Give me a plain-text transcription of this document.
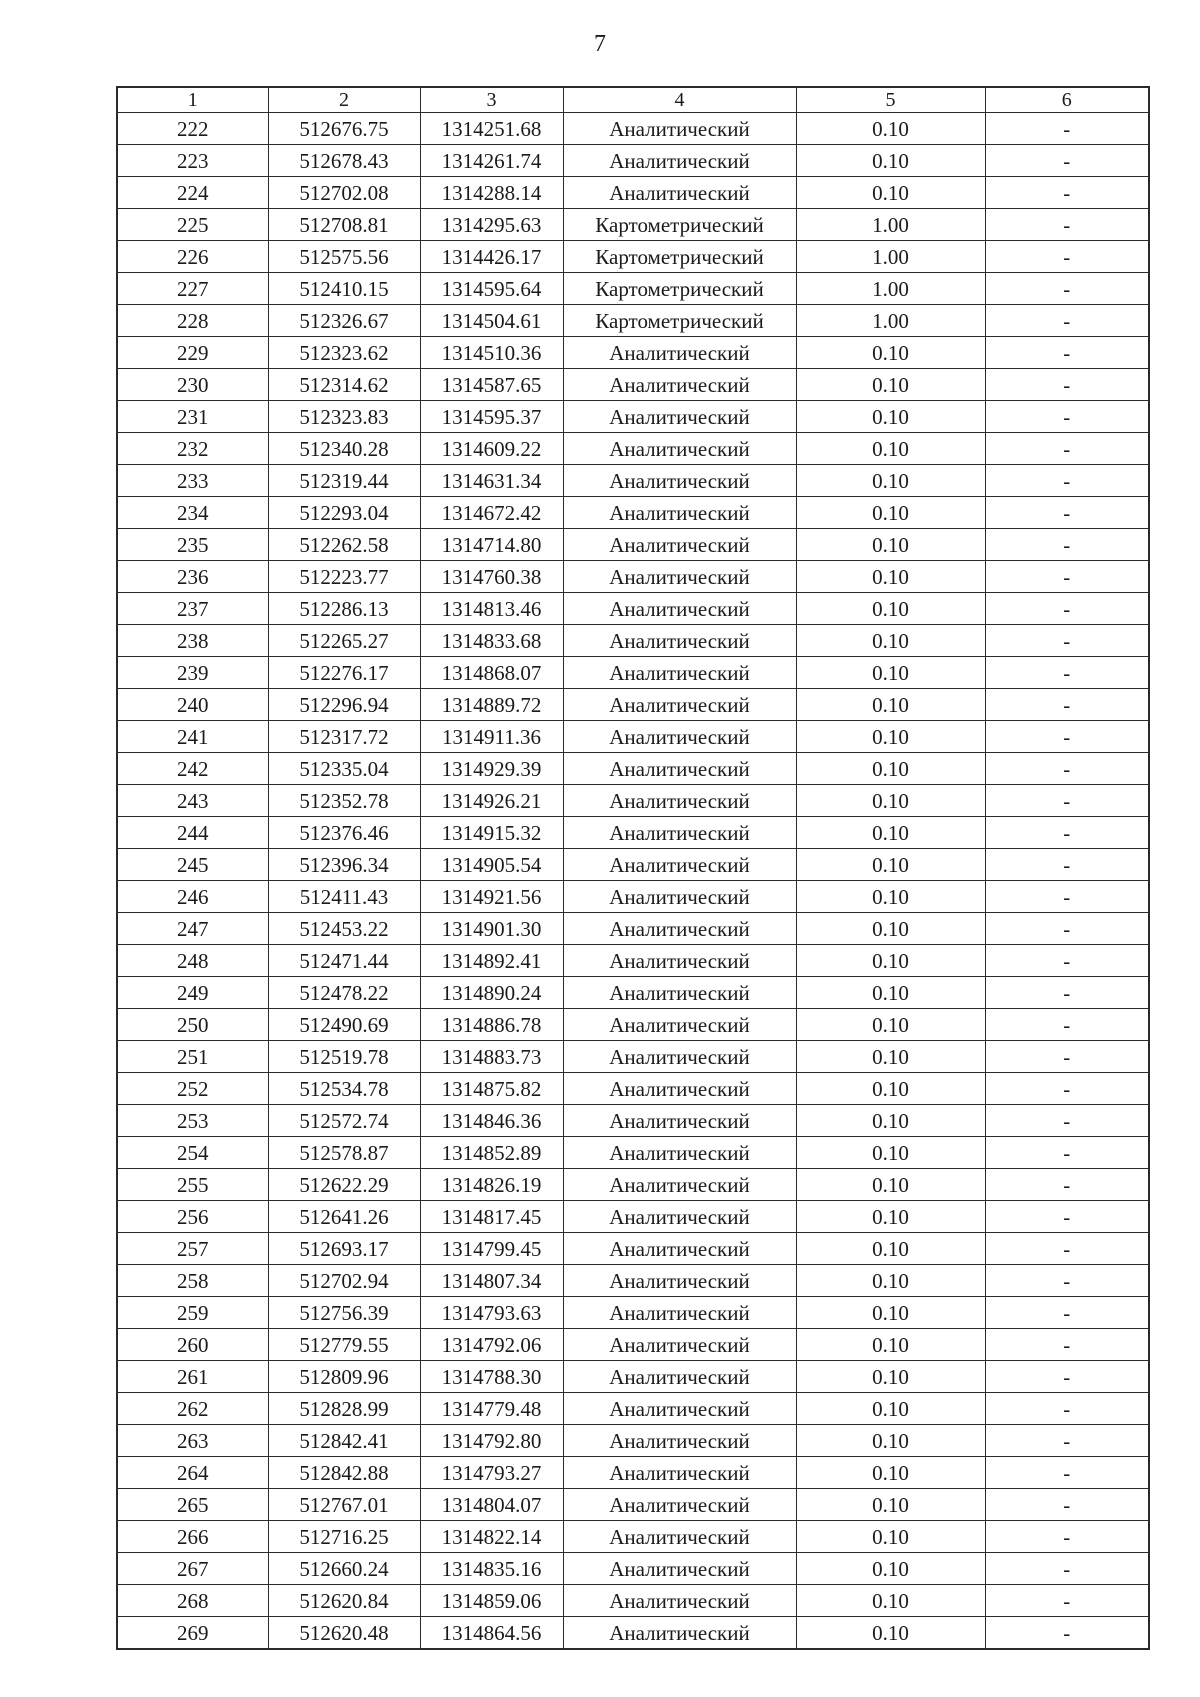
7
1	2	3	4	5	6
222	512676.75	1314251.68	Аналитический	0.10	-
223	512678.43	1314261.74	Аналитический	0.10	-
224	512702.08	1314288.14	Аналитический	0.10	-
225	512708.81	1314295.63	Картометрический	1.00	-
226	512575.56	1314426.17	Картометрический	1.00	-
227	512410.15	1314595.64	Картометрический	1.00	-
228	512326.67	1314504.61	Картометрический	1.00	-
229	512323.62	1314510.36	Аналитический	0.10	-
230	512314.62	1314587.65	Аналитический	0.10	-
231	512323.83	1314595.37	Аналитический	0.10	-
232	512340.28	1314609.22	Аналитический	0.10	-
233	512319.44	1314631.34	Аналитический	0.10	-
234	512293.04	1314672.42	Аналитический	0.10	-
235	512262.58	1314714.80	Аналитический	0.10	-
236	512223.77	1314760.38	Аналитический	0.10	-
237	512286.13	1314813.46	Аналитический	0.10	-
238	512265.27	1314833.68	Аналитический	0.10	-
239	512276.17	1314868.07	Аналитический	0.10	-
240	512296.94	1314889.72	Аналитический	0.10	-
241	512317.72	1314911.36	Аналитический	0.10	-
242	512335.04	1314929.39	Аналитический	0.10	-
243	512352.78	1314926.21	Аналитический	0.10	-
244	512376.46	1314915.32	Аналитический	0.10	-
245	512396.34	1314905.54	Аналитический	0.10	-
246	512411.43	1314921.56	Аналитический	0.10	-
247	512453.22	1314901.30	Аналитический	0.10	-
248	512471.44	1314892.41	Аналитический	0.10	-
249	512478.22	1314890.24	Аналитический	0.10	-
250	512490.69	1314886.78	Аналитический	0.10	-
251	512519.78	1314883.73	Аналитический	0.10	-
252	512534.78	1314875.82	Аналитический	0.10	-
253	512572.74	1314846.36	Аналитический	0.10	-
254	512578.87	1314852.89	Аналитический	0.10	-
255	512622.29	1314826.19	Аналитический	0.10	-
256	512641.26	1314817.45	Аналитический	0.10	-
257	512693.17	1314799.45	Аналитический	0.10	-
258	512702.94	1314807.34	Аналитический	0.10	-
259	512756.39	1314793.63	Аналитический	0.10	-
260	512779.55	1314792.06	Аналитический	0.10	-
261	512809.96	1314788.30	Аналитический	0.10	-
262	512828.99	1314779.48	Аналитический	0.10	-
263	512842.41	1314792.80	Аналитический	0.10	-
264	512842.88	1314793.27	Аналитический	0.10	-
265	512767.01	1314804.07	Аналитический	0.10	-
266	512716.25	1314822.14	Аналитический	0.10	-
267	512660.24	1314835.16	Аналитический	0.10	-
268	512620.84	1314859.06	Аналитический	0.10	-
269	512620.48	1314864.56	Аналитический	0.10	-
